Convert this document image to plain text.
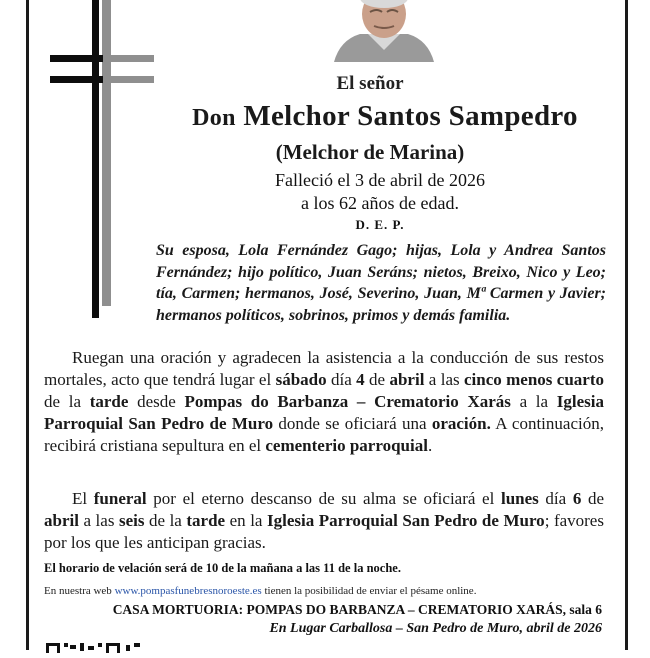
El señor
Don Melchor Santos Sampedro
(Melchor de Marina)
Falleció el 3 de abril de 2026
a los 62 años de edad.
D. E. P.
Su esposa, Lola Fernández Gago; hijas, Lola y Andrea Santos Fernández; hijo político, Juan Seráns; nietos, Breixo, Nico y Leo; tía, Carmen; hermanos, José, Severino, Juan, Mª Carmen y Javier; hermanos políticos, sobrinos, primos y demás familia.
Ruegan una oración y agradecen la asistencia a la conducción de sus restos mortales, acto que tendrá lugar el sábado día 4 de abril a las cinco menos cuarto de la tarde desde Pompas do Barbanza – Crematorio Xarás a la Iglesia Parroquial San Pedro de Muro donde se oficiará una oración. A continuación, recibirá cristiana sepultura en el cementerio parroquial.
El funeral por el eterno descanso de su alma se oficiará el lunes día 6 de abril a las seis de la tarde en la Iglesia Parroquial San Pedro de Muro; favores por los que les anticipan gracias.
El horario de velación será de 10 de la mañana a las 11 de la noche.
En nuestra web www.pompasfunebresnoroeste.es tienen la posibilidad de enviar el pésame online.
CASA MORTUORIA: POMPAS DO BARBANZA – CREMATORIO XARÁS, sala 6
En Lugar Carballosa – San Pedro de Muro, abril de 2026
